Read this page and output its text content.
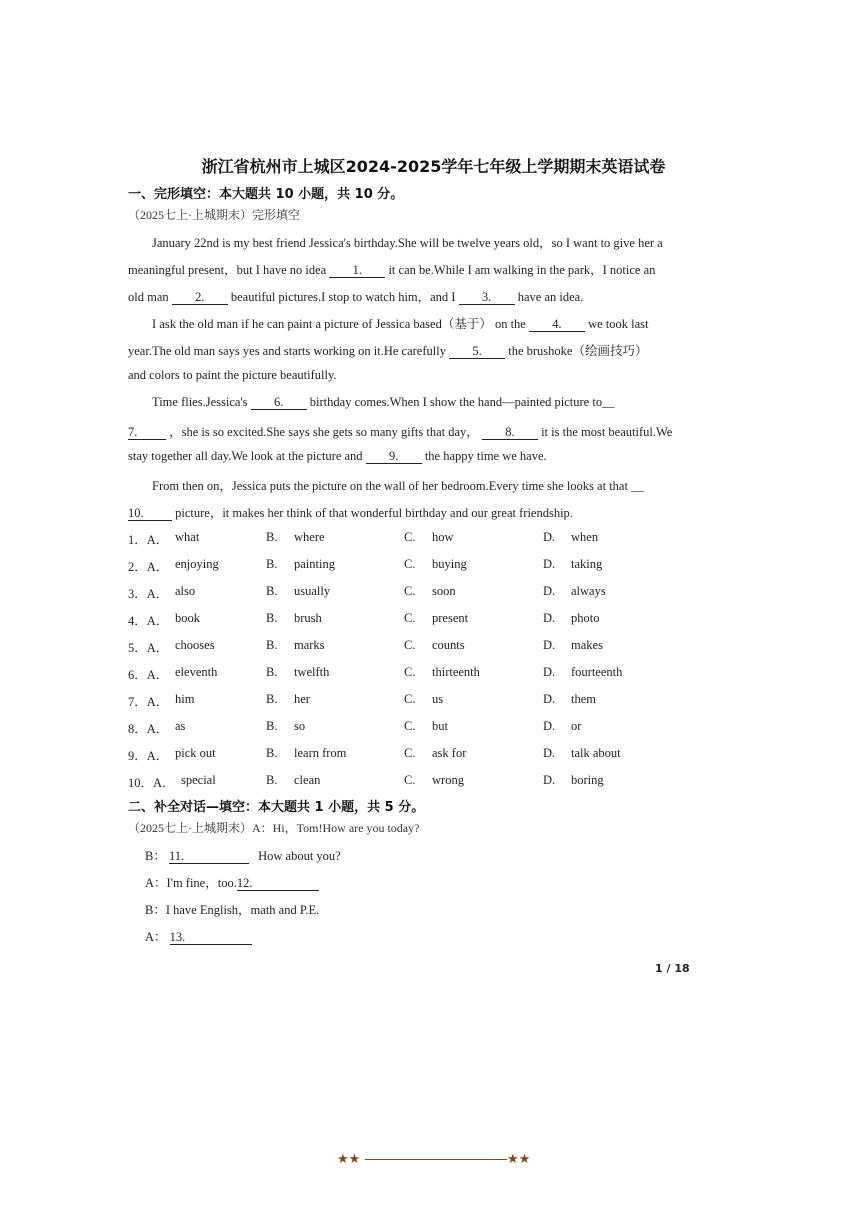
浙江省杭州市上城区2024-2025学年七年级上学期期末英语试卷
一、完形填空：本大题共 10 小题，共 10 分。
（2025七上·上城期末）完形填空
January 22nd is my best friend Jessica's birthday.She will be twelve years old，so I want to give her a
meaningful present，but I have no idea 1. it can be.While I am walking in the park，I notice an
old man 2. beautiful pictures.I stop to watch him，and I 3. have an idea.
I ask the old man if he can paint a picture of Jessica based（基于） on the 4. we took last
year.The old man says yes and starts working on it.He carefully 5. the brushoke（绘画技巧）
and colors to paint the picture beautifully.
Time flies.Jessica's 6. birthday comes.When I show the hand—painted picture to__
7.	，she is so excited.She says she gets so many gifts that day， 8. it is the most beautiful.We
stay together all day.We look at the picture and 9. the happy time we have.
From then on，Jessica puts the picture on the wall of her bedroom.Every time she looks at that __
10.	picture，it makes her think of that wonderful birthday and our great friendship.
1．A． what	B. where	C. how	D. when
2．A． enjoying	B. painting	C. buying	D. taking
3．A． also	B. usually	C. soon	D. always
4．A． book	B. brush	C. present	D. photo
5．A． chooses	B. marks	C. counts	D. makes
6．A． eleventh	B. twelfth	C. thirteenth	D. fourteenth
7．A． him	B. her	C. us	D. them
8．A． as	B. so	C. but	D. or
9．A． pick out	B. learn from	C. ask for	D. talk about
10．A． special	B. clean	C. wrong	D. boring
二、补全对话—填空：本大题共 1 小题，共 5 分。
（2025七上·上城期末）A：Hi，Tom!How are you today?
B： 11.	How about you?
A：I'm fine，too.12.
B：I have English，math and P.E.
A： 13.
1 / 18
★★	★★
